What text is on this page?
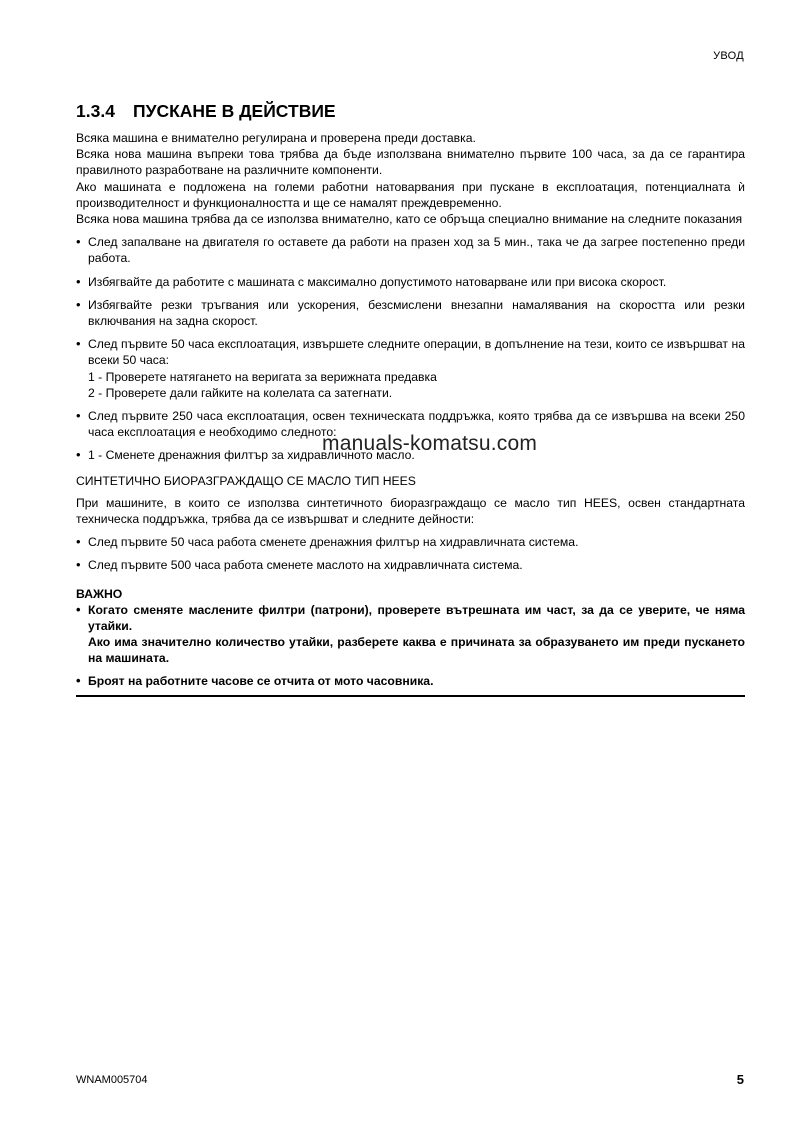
УВОД
1.3.4 ПУСКАНЕ В ДЕЙСТВИЕ

Всяка машина е внимателно регулирана и проверена преди доставка.

Всяка нова машина въпреки това трябва да бъде използвана внимателно първите 100 часа, за да се гарантира правилното разработване на различните компоненти.

Ако машината е подложена на големи работни натоварвания при пускане в експлоатация, потенциалната ѝ производителност и функционалността и ще се намалят преждевременно.

Всяка нова машина трябва да се използва внимателно, като се обръща специално внимание на следните показания

• След запалване на двигателя го оставете да работи на празен ход за 5 мин., така че да загрее постепенно преди работа.
• Избягвайте да работите с машината с максимално допустимото натоварване или при висока скорост.
• Избягвайте резки тръгвания или ускорения, безсмислени внезапни намалявания на скоростта или резки включвания на задна скорост.
• След първите 50 часа експлоатация, извършете следните операции, в допълнение на тези, които се извършват на всеки 50 часа:
1 - Проверете натягането на веригата за верижната предавка
2 - Проверете дали гайките на колелата са затегнати.
• След първите 250 часа експлоатация, освен техническата поддръжка, която трябва да се извършва на всеки 250 часа експлоатация е необходимо следното:
• 1 - Сменете дренажния филтър за хидравличното масло.

СИНТЕТИЧНО БИОРАЗГРАЖДАЩО СЕ МАСЛО ТИП HEES

При машините, в които се използва синтетичното биоразграждащо се масло тип HEES, освен стандартната техническа поддръжка, трябва да се извършват и следните дейности:

• След първите 50 часа работа сменете дренажния филтър на хидравличната система.
• След първите 500 часа работа сменете маслото на хидравличната система.

ВАЖНО

• Когато сменяте маслените филтри (патрони), проверете вътрешната им част, за да се уверите, че няма утайки.
Ако има значително количество утайки, разберете каква е причината за образуването им преди пускането на машината.
• Броят на работните часове се отчита от мото часовника.
manuals-komatsu.com
WNAM005704	5
